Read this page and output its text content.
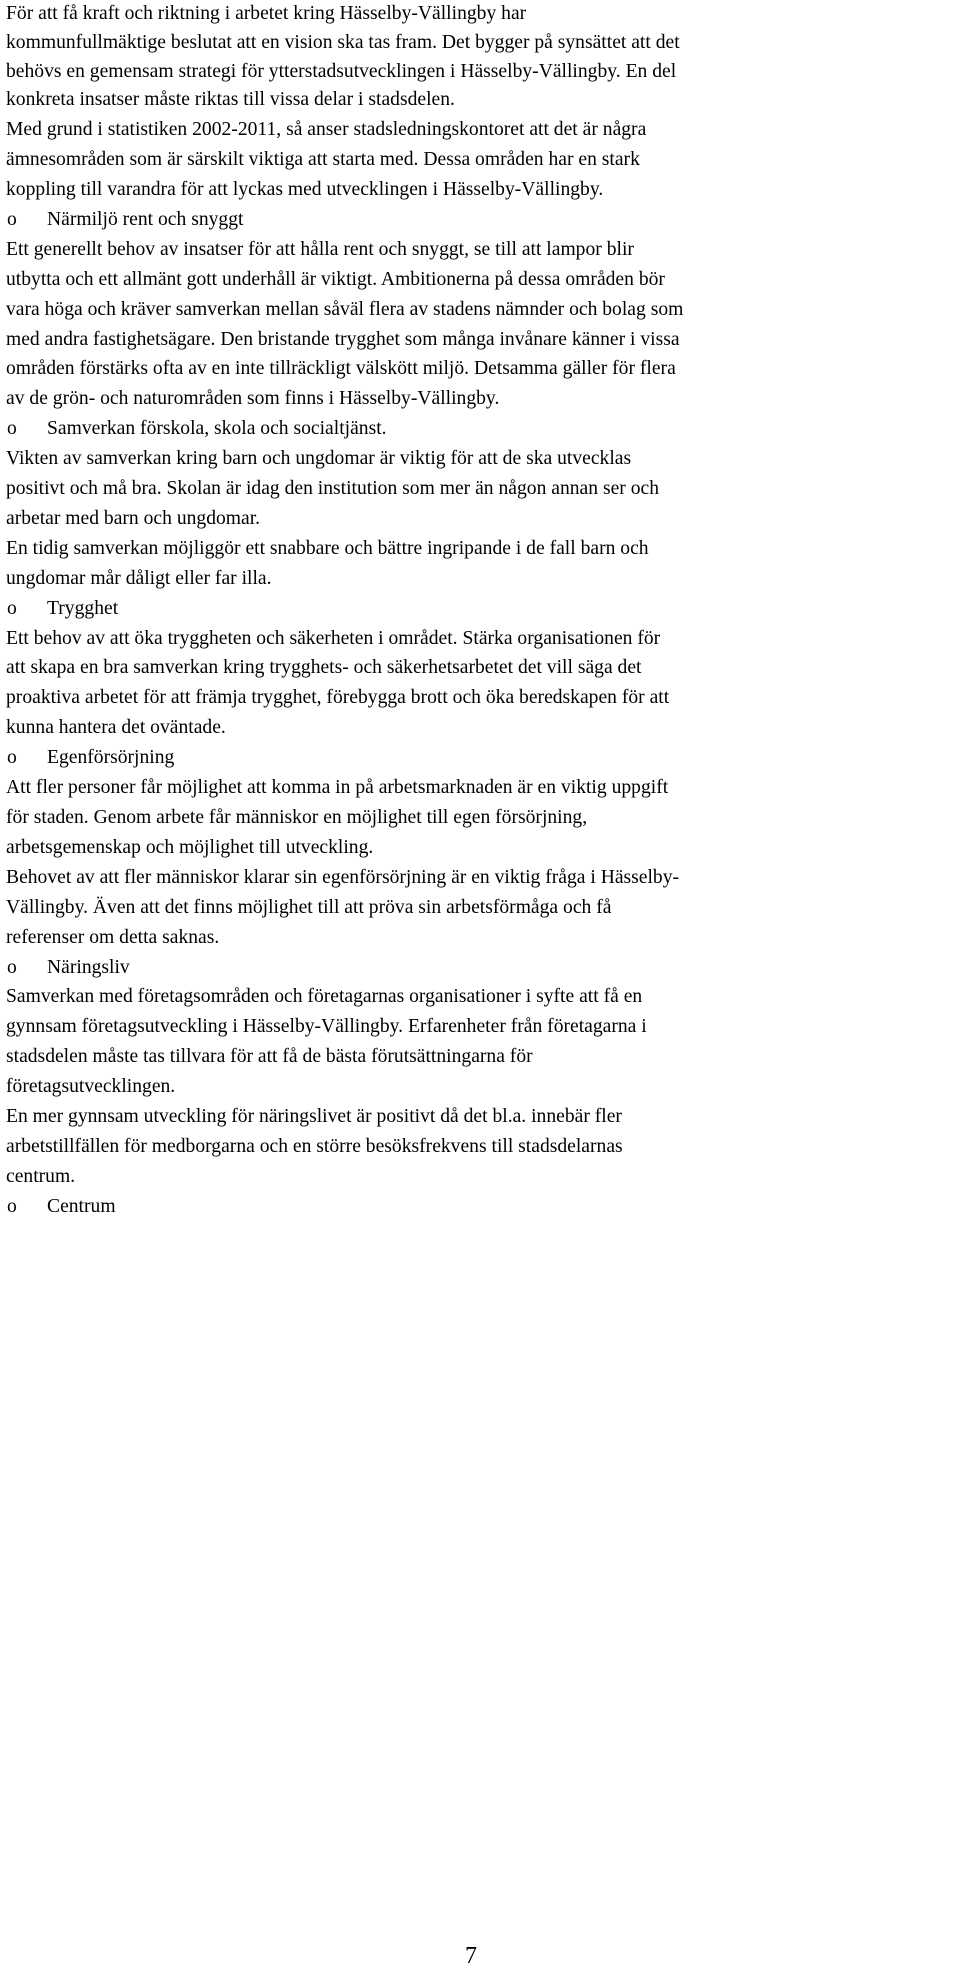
För att få kraft och riktning i arbetet kring Hässelby-Vällingby har
kommunfullmäktige beslutat att en vision ska tas fram. Det bygger på synsättet att det
behövs en gemensam strategi för ytterstadsutvecklingen i Hässelby-Vällingby. En del
konkreta insatser måste riktas till vissa delar i stadsdelen.

Med grund i statistiken 2002-2011, så anser stadsledningskontoret att det är några
ämnesområden som är särskilt viktiga att starta med. Dessa områden har en stark
koppling till varandra för att lyckas med utvecklingen i Hässelby-Vällingby.

o	Närmiljö rent och snyggt

Ett generellt behov av insatser för att hålla rent och snyggt, se till att lampor blir
utbytta och ett allmänt gott underhåll är viktigt. Ambitionerna på dessa områden bör
vara höga och kräver samverkan mellan såväl flera av stadens nämnder och bolag som
med andra fastighetsägare. Den bristande trygghet som många invånare känner i vissa
områden förstärks ofta av en inte tillräckligt välskött miljö. Detsamma gäller för flera
av de grön- och naturområden som finns i Hässelby-Vällingby.

o	Samverkan förskola, skola och socialtjänst.

Vikten av samverkan kring barn och ungdomar är viktig för att de ska utvecklas
positivt och må bra. Skolan är idag den institution som mer än någon annan ser och
arbetar med barn och ungdomar.

En tidig samverkan möjliggör ett snabbare och bättre ingripande i de fall barn och
ungdomar mår dåligt eller far illa.

o	Trygghet

Ett behov av att öka tryggheten och säkerheten i området. Stärka organisationen för
att skapa en bra samverkan kring trygghets- och säkerhetsarbetet det vill säga det
proaktiva arbetet för att främja trygghet, förebygga brott och öka beredskapen för att
kunna hantera det oväntade.

o	Egenförsörjning

Att fler personer får möjlighet att komma in på arbetsmarknaden är en viktig uppgift
för staden. Genom arbete får människor en möjlighet till egen försörjning,
arbetsgemenskap och möjlighet till utveckling.

Behovet av att fler människor klarar sin egenförsörjning är en viktig fråga i Hässelby-
Vällingby. Även att det finns möjlighet till att pröva sin arbetsförmåga och få
referenser om detta saknas.

o	Näringsliv

Samverkan med företagsområden och företagarnas organisationer i syfte att få en
gynnsam företagsutveckling i Hässelby-Vällingby. Erfarenheter från företagarna i
stadsdelen måste tas tillvara för att få de bästa förutsättningarna för
företagsutvecklingen.

En mer gynnsam utveckling för näringslivet är positivt då det bl.a. innebär fler
arbetstillfällen för medborgarna och en större besöksfrekvens till stadsdelarnas
centrum.

o	Centrum
7
